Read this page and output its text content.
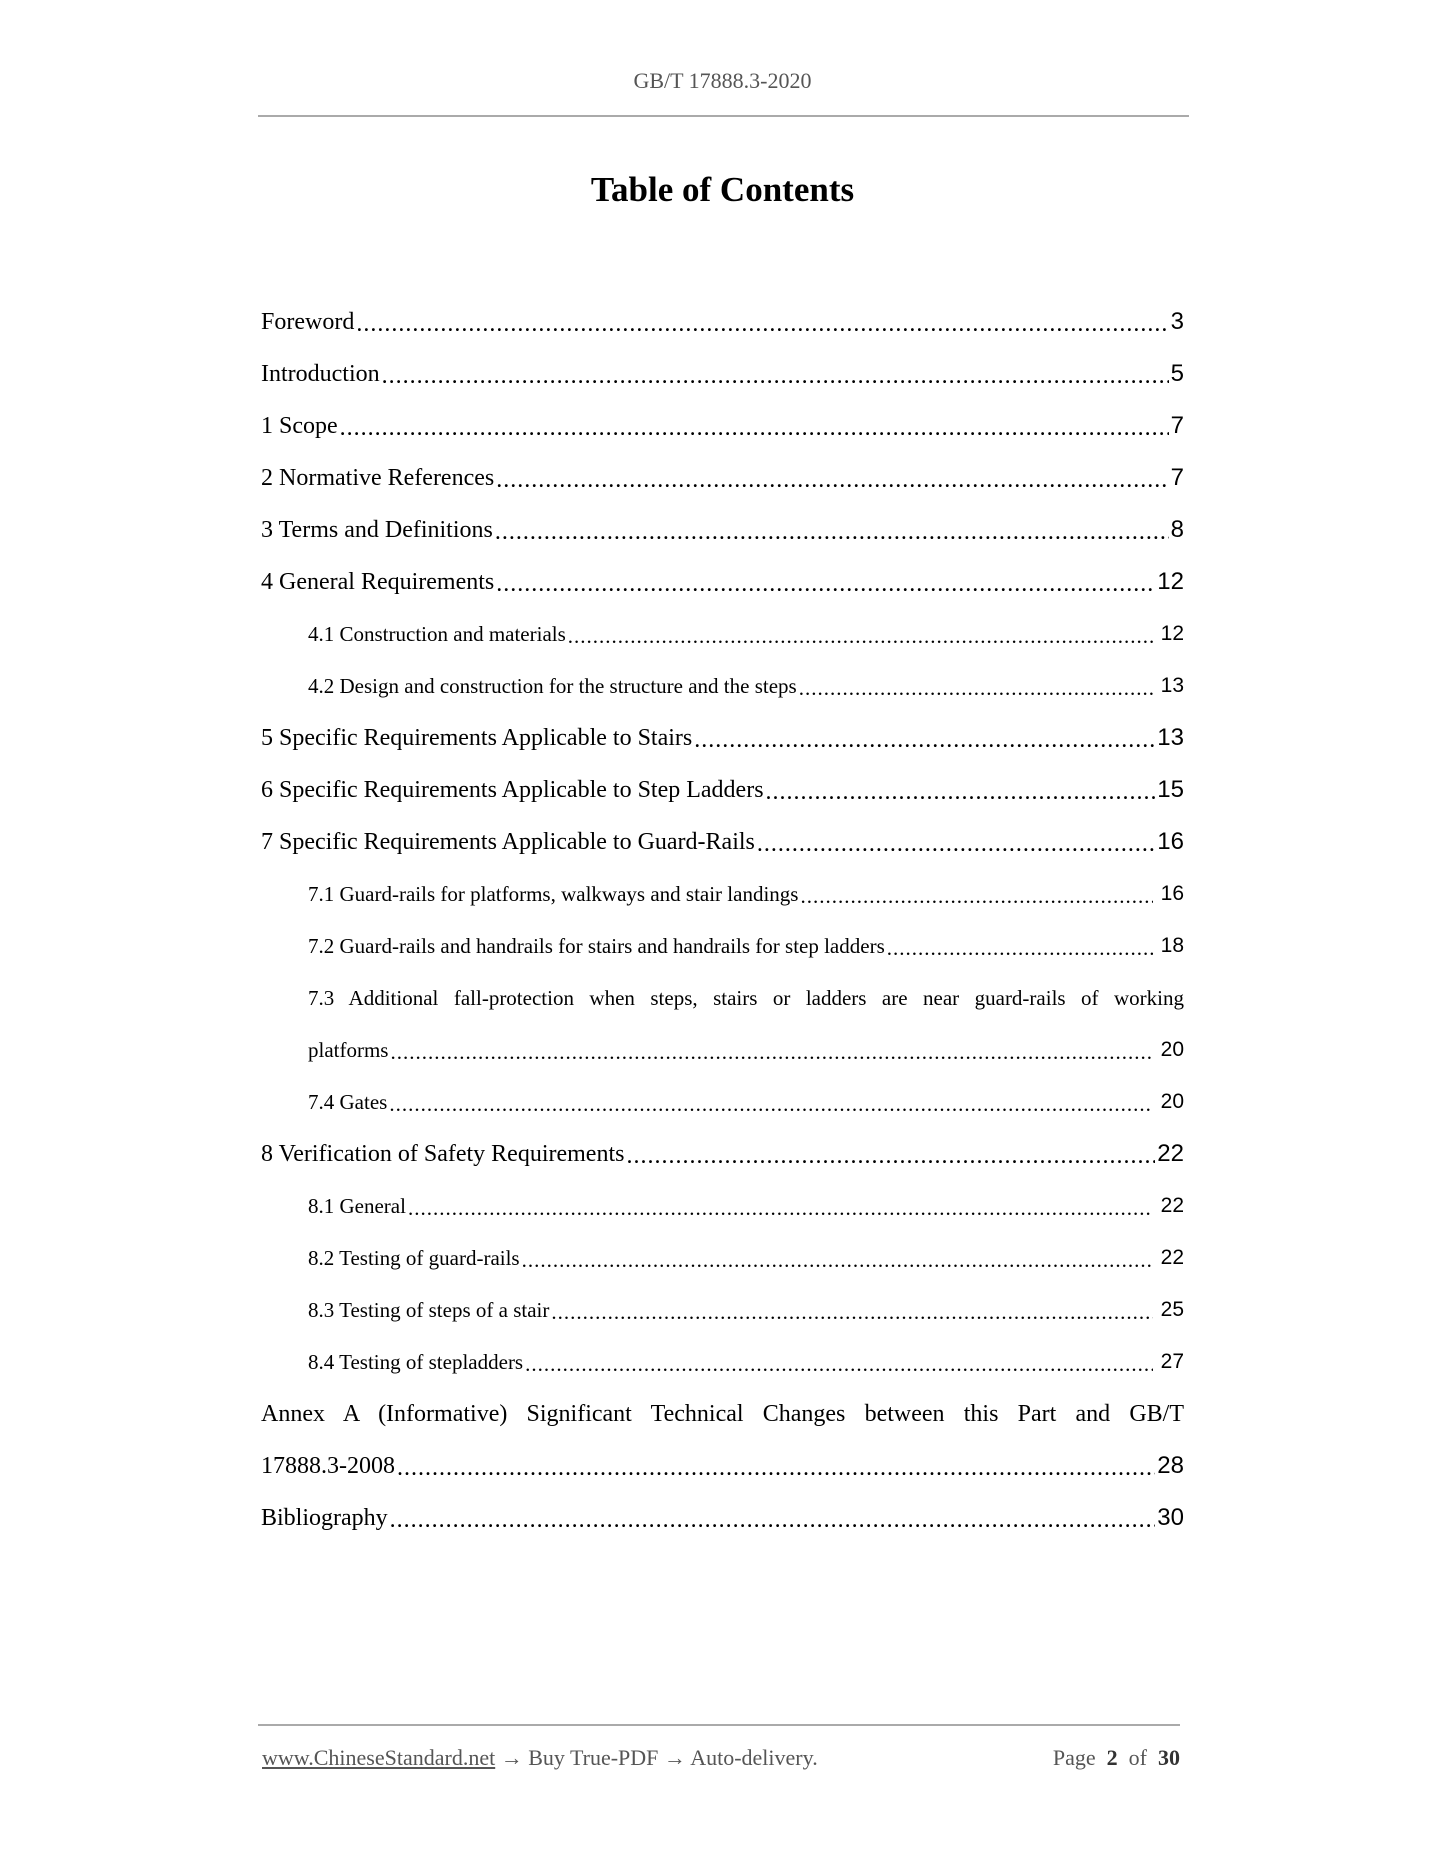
GB/T 17888.3-2020
Table of Contents
Foreword .....	3
Introduction .....	5
1 Scope .....	7
2 Normative References .....	7
3 Terms and Definitions .....	8
4 General Requirements .....	12
4.1 Construction and materials .....	12
4.2 Design and construction for the structure and the steps .....	13
5 Specific Requirements Applicable to Stairs .....	13
6 Specific Requirements Applicable to Step Ladders .....	15
7 Specific Requirements Applicable to Guard-Rails .....	16
7.1 Guard-rails for platforms, walkways and stair landings .....	16
7.2 Guard-rails and handrails for stairs and handrails for step ladders .....	18
7.3 Additional fall-protection when steps, stairs or ladders are near guard-rails of working
platforms .....	20
7.4 Gates .....	20
8 Verification of Safety Requirements .....	22
8.1 General .....	22
8.2 Testing of guard-rails .....	22
8.3 Testing of steps of a stair .....	25
8.4 Testing of stepladders .....	27
Annex A (Informative) Significant Technical Changes between this Part and GB/T
17888.3-2008 .....	28
Bibliography .....	30
www.ChineseStandard.net → Buy True-PDF → Auto-delivery.	Page 2 of 30
